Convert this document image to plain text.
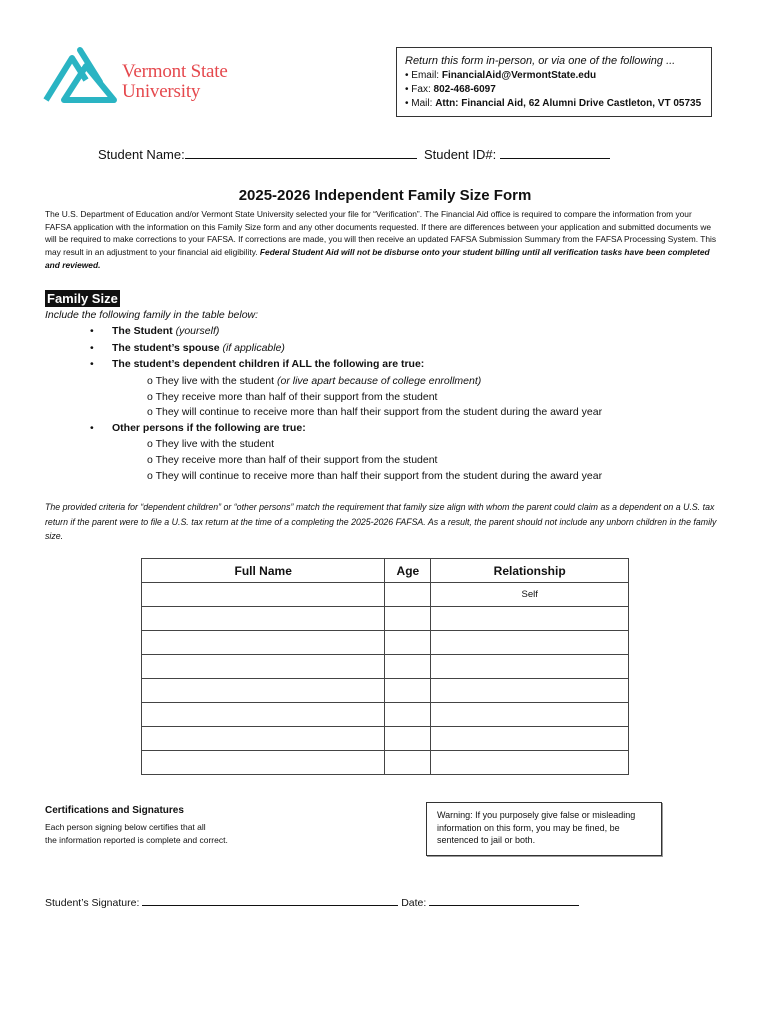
Vermont State
University
Return this form in-person, or via one of the following ...
• Email: FinancialAid@VermontState.edu
• Fax: 802-468-6097
• Mail: Attn: Financial Aid, 62 Alumni Drive Castleton, VT 05735
Student Name:	Student ID#:
2025-2026 Independent Family Size Form
The U.S. Department of Education and/or Vermont State University selected your file for “Verification”. The Financial Aid office is required to compare the information from your FAFSA application with the information on this Family Size form and any other documents requested. If there are differences between your application and submitted documents we will be required to make corrections to your FAFSA. If corrections are made, you will then receive an updated FAFSA Submission Summary from the FAFSA Processing System. This may result in an adjustment to your financial aid eligibility. Federal Student Aid will not be disburse onto your student billing until all verification tasks have been completed and reviewed.
Family Size
Include the following family in the table below:
• The Student (yourself)
• The student’s spouse (if applicable)
• The student’s dependent children if ALL the following are true:
o They live with the student (or live apart because of college enrollment)
o They receive more than half of their support from the student
o They will continue to receive more than half their support from the student during the award year
• Other persons if the following are true:
o They live with the student
o They receive more than half of their support from the student
o They will continue to receive more than half their support from the student during the award year
The provided criteria for “dependent children” or “other persons” match the requirement that family size align with whom the parent could claim as a dependent on a U.S. tax return if the parent were to file a U.S. tax return at the time of a completing the 2025-2026 FAFSA. As a result, the parent should not include any unborn children in the family size.
Full Name	Age	Relationship
		Self

Certifications and Signatures
Each person signing below certifies that all
the information reported is complete and correct.
Warning: If you purposely give false or misleading information on this form, you may be fined, be sentenced to jail or both.
Student’s Signature:	Date:
